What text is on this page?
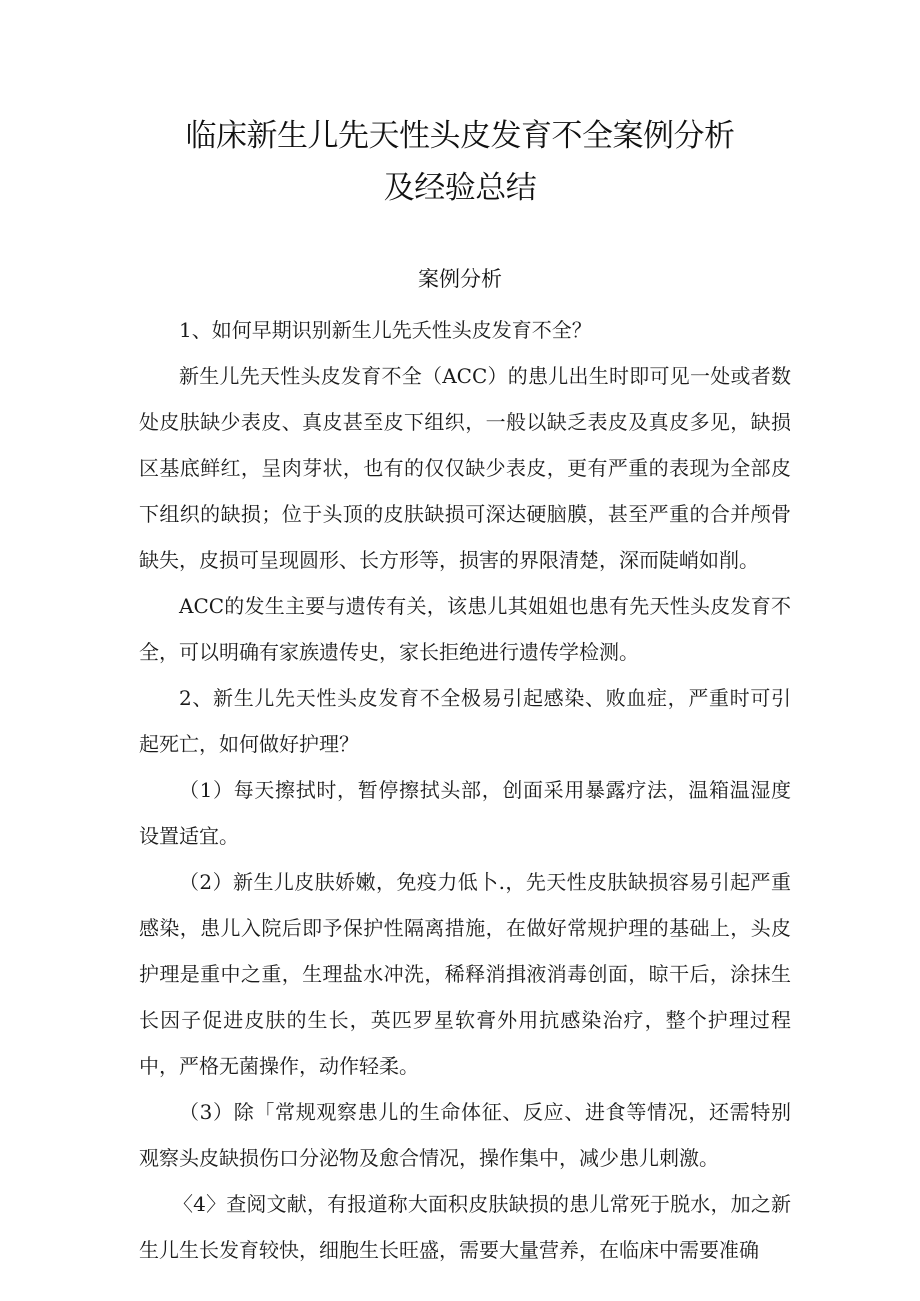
临床新生儿先天性头皮发育不全案例分析
及经验总结
案例分析

1、如何早期识别新生儿先夭性头皮发育不全？

新生儿先天性头皮发育不全（ACC）的患儿出生时即可见一处或者数处皮肤缺少表皮、真皮甚至皮下组织，一般以缺乏表皮及真皮多见，缺损区基底鲜红，呈肉芽状，也有的仅仅缺少表皮，更有严重的表现为全部皮下组织的缺损；位于头顶的皮肤缺损可深达硬脑膜，甚至严重的合并颅骨缺失，皮损可呈现圆形、长方形等，损害的界限清楚，深而陡峭如削。

ACC的发生主要与遗传有关，该患儿其姐姐也患有先天性头皮发育不全，可以明确有家族遗传史，家长拒绝进行遗传学检测。

2、新生儿先天性头皮发育不全极易引起感染、败血症，严重时可引起死亡，如何做好护理？

（1）每天擦拭时，暂停擦拭头部，创面采用暴露疗法，温箱温湿度设置适宜。

（2）新生儿皮肤娇嫩，免疫力低卜.，先天性皮肤缺损容易引起严重感染，患儿入院后即予保护性隔离措施，在做好常规护理的基础上，头皮护理是重中之重，生理盐水冲洗，稀释消揖液消毒创面，晾干后，涂抹生长因子促进皮肤的生长，英匹罗星软膏外用抗感染治疗，整个护理过程中，严格无菌操作，动作轻柔。

（3）除「常规观察患儿的生命体征、反应、进食等情况，还需特别观察头皮缺损伤口分泌物及愈合情况，操作集中，减少患儿刺激。

〈4〉查阅文献，有报道称大面积皮肤缺损的患儿常死于脱水，加之新生儿生长发育较快，细胞生长旺盛，需要大量营养，在临床中需要准确
